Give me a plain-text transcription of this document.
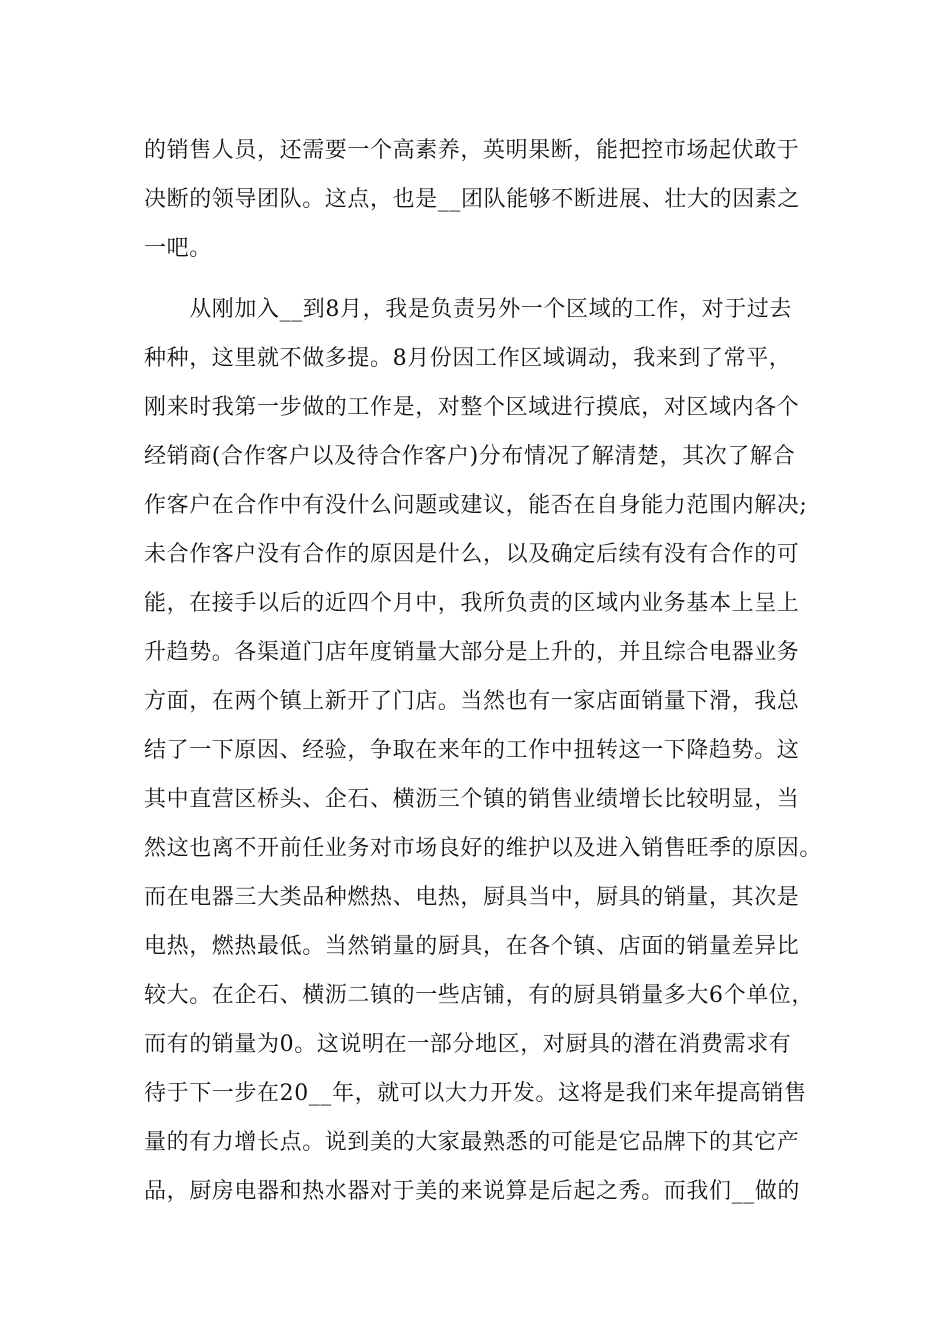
的销售人员，还需要一个高素养，英明果断，能把控市场起伏敢于
决断的领导团队。这点，也是__团队能够不断进展、壮大的因素之
一吧。
　　从刚加入__到8月，我是负责另外一个区域的工作，对于过去
种种，这里就不做多提。8月份因工作区域调动，我来到了常平，
刚来时我第一步做的工作是，对整个区域进行摸底，对区域内各个
经销商(合作客户以及待合作客户)分布情况了解清楚，其次了解合
作客户在合作中有没什么问题或建议，能否在自身能力范围内解决;
未合作客户没有合作的原因是什么，以及确定后续有没有合作的可
能，在接手以后的近四个月中，我所负责的区域内业务基本上呈上
升趋势。各渠道门店年度销量大部分是上升的，并且综合电器业务
方面，在两个镇上新开了门店。当然也有一家店面销量下滑，我总
结了一下原因、经验，争取在来年的工作中扭转这一下降趋势。这
其中直营区桥头、企石、横沥三个镇的销售业绩增长比较明显，当
然这也离不开前任业务对市场良好的维护以及进入销售旺季的原因。
而在电器三大类品种燃热、电热，厨具当中，厨具的销量，其次是
电热，燃热最低。当然销量的厨具，在各个镇、店面的销量差异比
较大。在企石、横沥二镇的一些店铺，有的厨具销量多大6个单位，
而有的销量为0。这说明在一部分地区，对厨具的潜在消费需求有
待于下一步在20__年，就可以大力开发。这将是我们来年提高销售
量的有力增长点。说到美的大家最熟悉的可能是它品牌下的其它产
品，厨房电器和热水器对于美的来说算是后起之秀。而我们__做的
